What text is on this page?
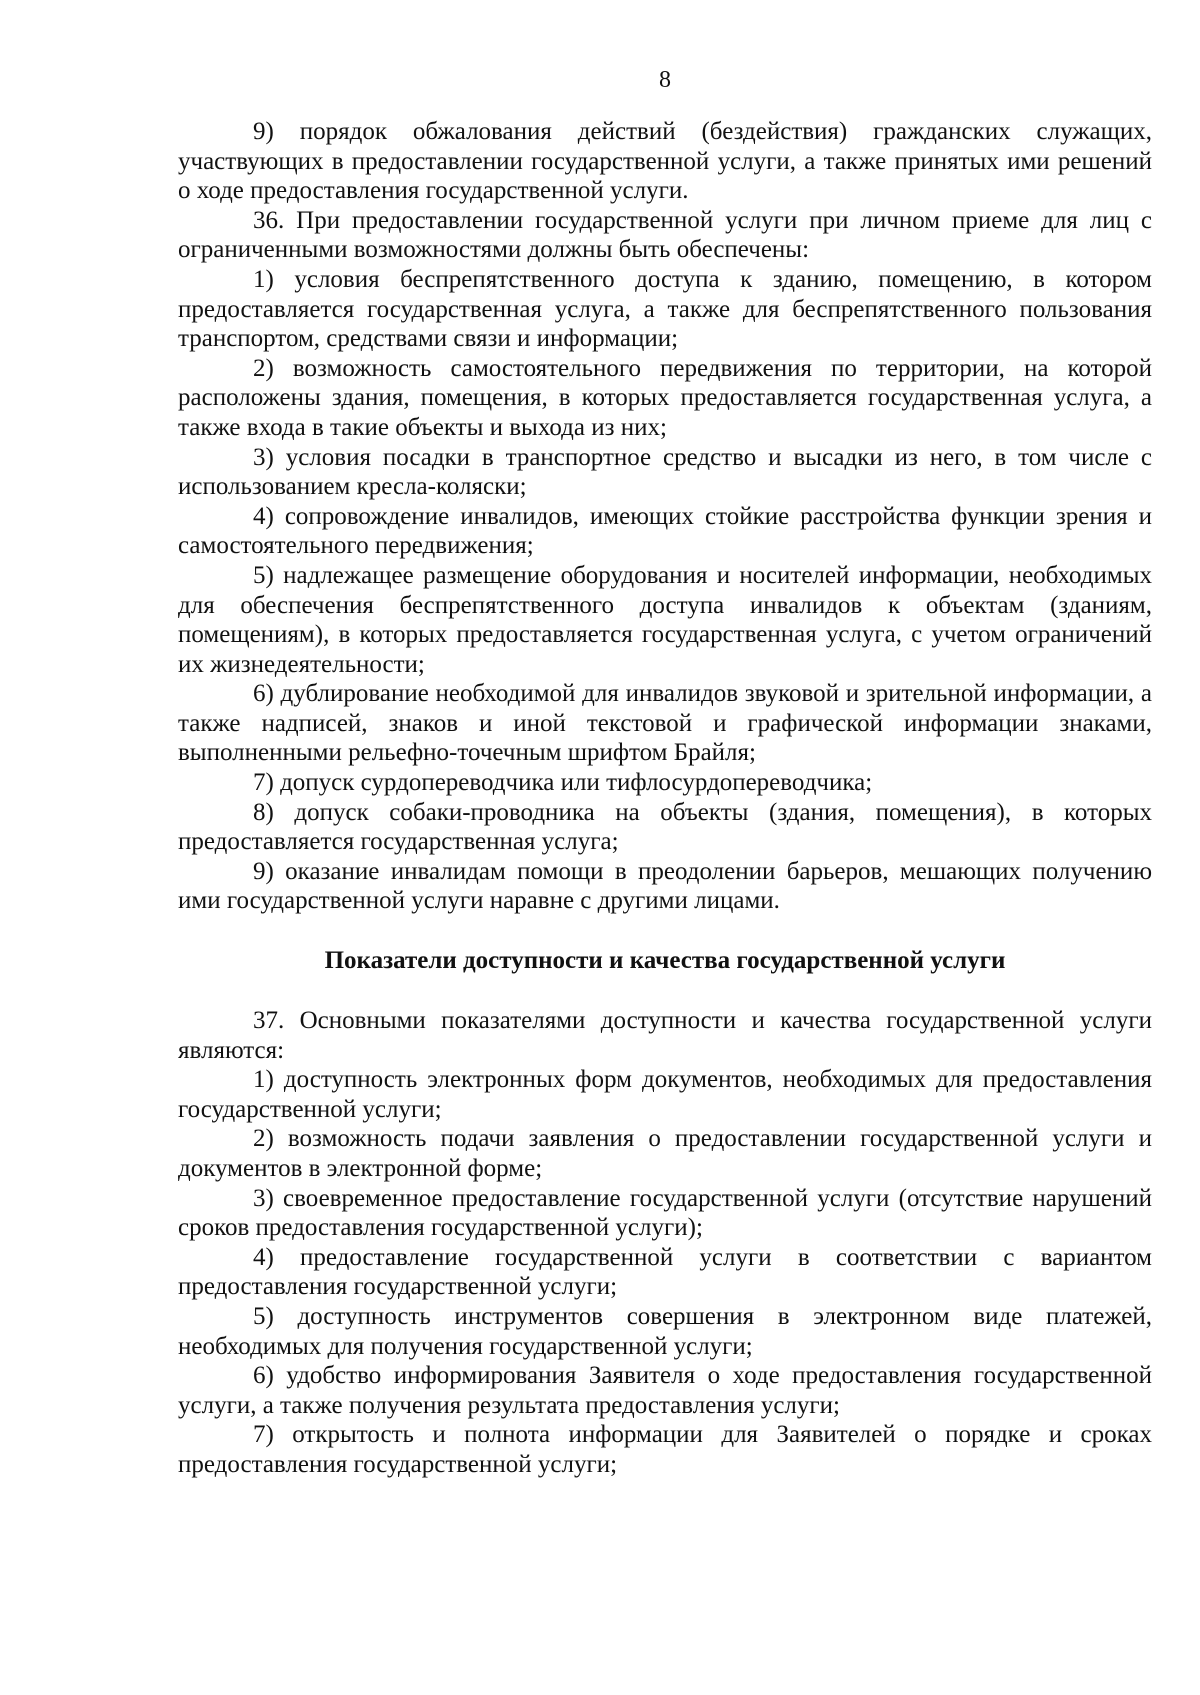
8

9) порядок обжалования действий (бездействия) гражданских служащих, участвующих в предоставлении государственной услуги, а также принятых ими решений о ходе предоставления государственной услуги.

36. При предоставлении государственной услуги при личном приеме для лиц с ограниченными возможностями должны быть обеспечены:

1) условия беспрепятственного доступа к зданию, помещению, в котором предоставляется государственная услуга, а также для беспрепятственного пользования транспортом, средствами связи и информации;

2) возможность самостоятельного передвижения по территории, на которой расположены здания, помещения, в которых предоставляется государственная услуга, а также входа в такие объекты и выхода из них;

3) условия посадки в транспортное средство и высадки из него, в том числе с использованием кресла-коляски;

4) сопровождение инвалидов, имеющих стойкие расстройства функции зрения и самостоятельного передвижения;

5) надлежащее размещение оборудования и носителей информации, необходимых для обеспечения беспрепятственного доступа инвалидов к объектам (зданиям, помещениям), в которых предоставляется государственная услуга, с учетом ограничений их жизнедеятельности;

6) дублирование необходимой для инвалидов звуковой и зрительной информации, а также надписей, знаков и иной текстовой и графической информации знаками, выполненными рельефно-точечным шрифтом Брайля;

7) допуск сурдопереводчика или тифлосурдопереводчика;

8) допуск собаки-проводника на объекты (здания, помещения), в которых предоставляется государственная услуга;

9) оказание инвалидам помощи в преодолении барьеров, мешающих получению ими государственной услуги наравне с другими лицами.

Показатели доступности и качества государственной услуги

37. Основными показателями доступности и качества государственной услуги являются:

1) доступность электронных форм документов, необходимых для предоставления государственной услуги;

2) возможность подачи заявления о предоставлении государственной услуги и документов в электронной форме;

3) своевременное предоставление государственной услуги (отсутствие нарушений сроков предоставления государственной услуги);

4) предоставление государственной услуги в соответствии с вариантом предоставления государственной услуги;

5) доступность инструментов совершения в электронном виде платежей, необходимых для получения государственной услуги;

6) удобство информирования Заявителя о ходе предоставления государственной услуги, а также получения результата предоставления услуги;

7) открытость и полнота информации для Заявителей о порядке и сроках предоставления государственной услуги;
